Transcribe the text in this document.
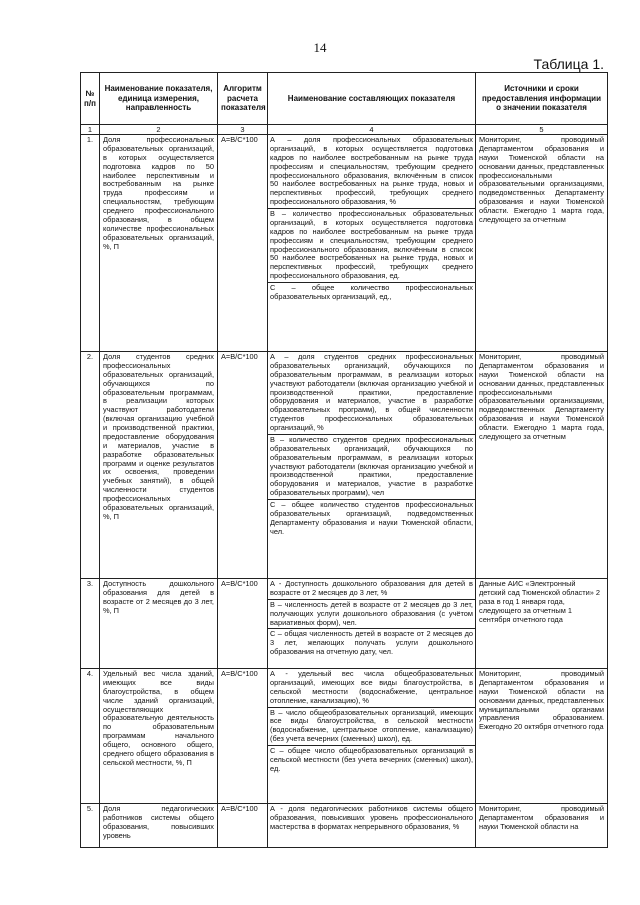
14
Таблица 1.
№ п/п	Наименование показателя, единица измерения, направленность	Алгоритм расчета показателя	Наименование составляющих показателя	Источники и сроки предоставления информации о значении показателя
1	2	3	4	5
1.	Доля профессиональных образовательных организаций, в которых осуществляется подготовка кадров по 50 наиболее перспективным и востребованным на рынке труда профессиям и специальностям, требующим среднего профессионального образования, в общем количестве профессиональных образовательных организаций, %, П	A=B/C*100	А – доля профессиональных образовательных организаций, в которых осуществляется подготовка кадров по наиболее востребованным на рынке труда профессиям и специальностям, требующим среднего профессионального образования, включённым в список 50 наиболее востребованных на рынке труда, новых и перспективных профессий, требующих среднего профессионального образования, %
В – количество профессиональных образовательных организаций, в которых осуществляется подготовка кадров по наиболее востребованным на рынке труда профессиям и специальностям, требующим среднего профессионального образования, включённым в список 50 наиболее востребованных на рынке труда, новых и перспективных профессий, требующих среднего профессионального образования, ед.
С – общее количество профессиональных образовательных организаций, ед.,
	Мониторинг, проводимый Департаментом образования и науки Тюменской области на основании данных, представленных профессиональными образовательными организациями, подведомственных Департаменту образования и науки Тюменской области. Ежегодно 1 марта года, следующего за отчетным
2.	Доля студентов средних профессиональных образовательных организаций, обучающихся по образовательным программам, в реализации которых участвуют работодатели (включая организацию учебной и производственной практики, предоставление оборудования и материалов, участие в разработке образовательных программ и оценке результатов их освоения, проведении учебных занятий), в общей численности студентов профессиональных образовательных организаций, %, П	A=B/C*100	А – доля студентов средних профессиональных образовательных организаций, обучающихся по образовательным программам, в реализации которых участвуют работодатели (включая организацию учебной и производственной практики, предоставление оборудования и материалов, участие в разработке образовательных программ), в общей численности студентов профессиональных образовательных организаций, %
В – количество студентов средних профессиональных образовательных организаций, обучающихся по образовательным программам, в реализации которых участвуют работодатели (включая организацию учебной и производственной практики, предоставление оборудования и материалов, участие в разработке образовательных программ), чел
С – общее количество студентов профессиональных образовательных организаций, подведомственных Департаменту образования и науки Тюменской области, чел.
	Мониторинг, проводимый Департаментом образования и науки Тюменской области на основании данных, представленных профессиональными образовательными организациями, подведомственных Департаменту образования и науки Тюменской области. Ежегодно 1 марта года, следующего за отчетным
3.	Доступность дошкольного образования для детей в возрасте от 2 месяцев до 3 лет, %, П	A=B/C*100	А - Доступность дошкольного образования для детей в возрасте от 2 месяцев до 3 лет, %
В – численность детей в возрасте от 2 месяцев до 3 лет, получающих услуги дошкольного образования (с учётом вариативных форм), чел.
С – общая численность детей в возрасте от 2 месяцев до 3 лет, желающих получать услуги дошкольного образования на отчетную дату, чел.
	Данные АИС «Электронный детский сад Тюменской области» 2 раза в год 1 января года, следующего за отчетным 1 сентября отчетного года
4.	Удельный вес числа зданий, имеющих все виды благоустройства, в общем числе зданий организаций, осуществляющих образовательную деятельность по образовательным программам начального общего, основного общего, среднего общего образования в сельской местности, %, П	A=B/C*100	А - удельный вес числа общеобразовательных организаций, имеющих все виды благоустройства, в сельской местности (водоснабжение, центральное отопление, канализацию), %
В – число общеобразовательных организаций, имеющих все виды благоустройства, в сельской местности (водоснабжение, центральное отопление, канализацию) (без учета вечерних (сменных) школ), ед.
С – общее число общеобразовательных организаций в сельской местности (без учета вечерних (сменных) школ), ед.
	Мониторинг, проводимый Департаментом образования и науки Тюменской области на основании данных, представленных муниципальными органами управления образованием. Ежегодно 20 октября отчетного года
5.	Доля педагогических работников системы общего образования, повысивших уровень	A=B/C*100	А - доля педагогических работников системы общего образования, повысивших уровень профессионального мастерства в форматах непрерывного образования, %
	Мониторинг, проводимый Департаментом образования и науки Тюменской области на
